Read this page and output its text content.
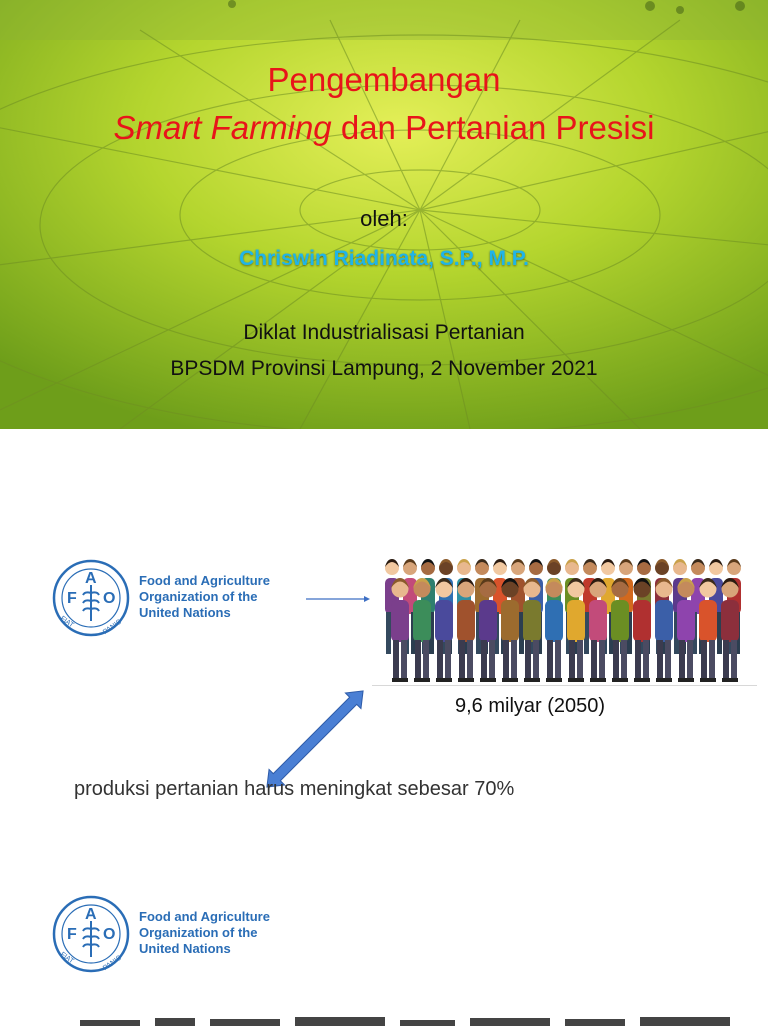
Pengembangan
Smart Farming dan Pertanian Presisi
oleh:
Chriswin Riadinata, S.P., M.P.
Diklat Industrialisasi Pertanian
BPSDM Provinsi Lampung, 2 November 2021
F
A
O
FIAT	PANIS
Food and Agriculture
Organization of the
United Nations
9,6 milyar (2050)
produksi pertanian harus meningkat sebesar 70%
F
A
O
FIAT	PANIS
Food and Agriculture
Organization of the
United Nations
